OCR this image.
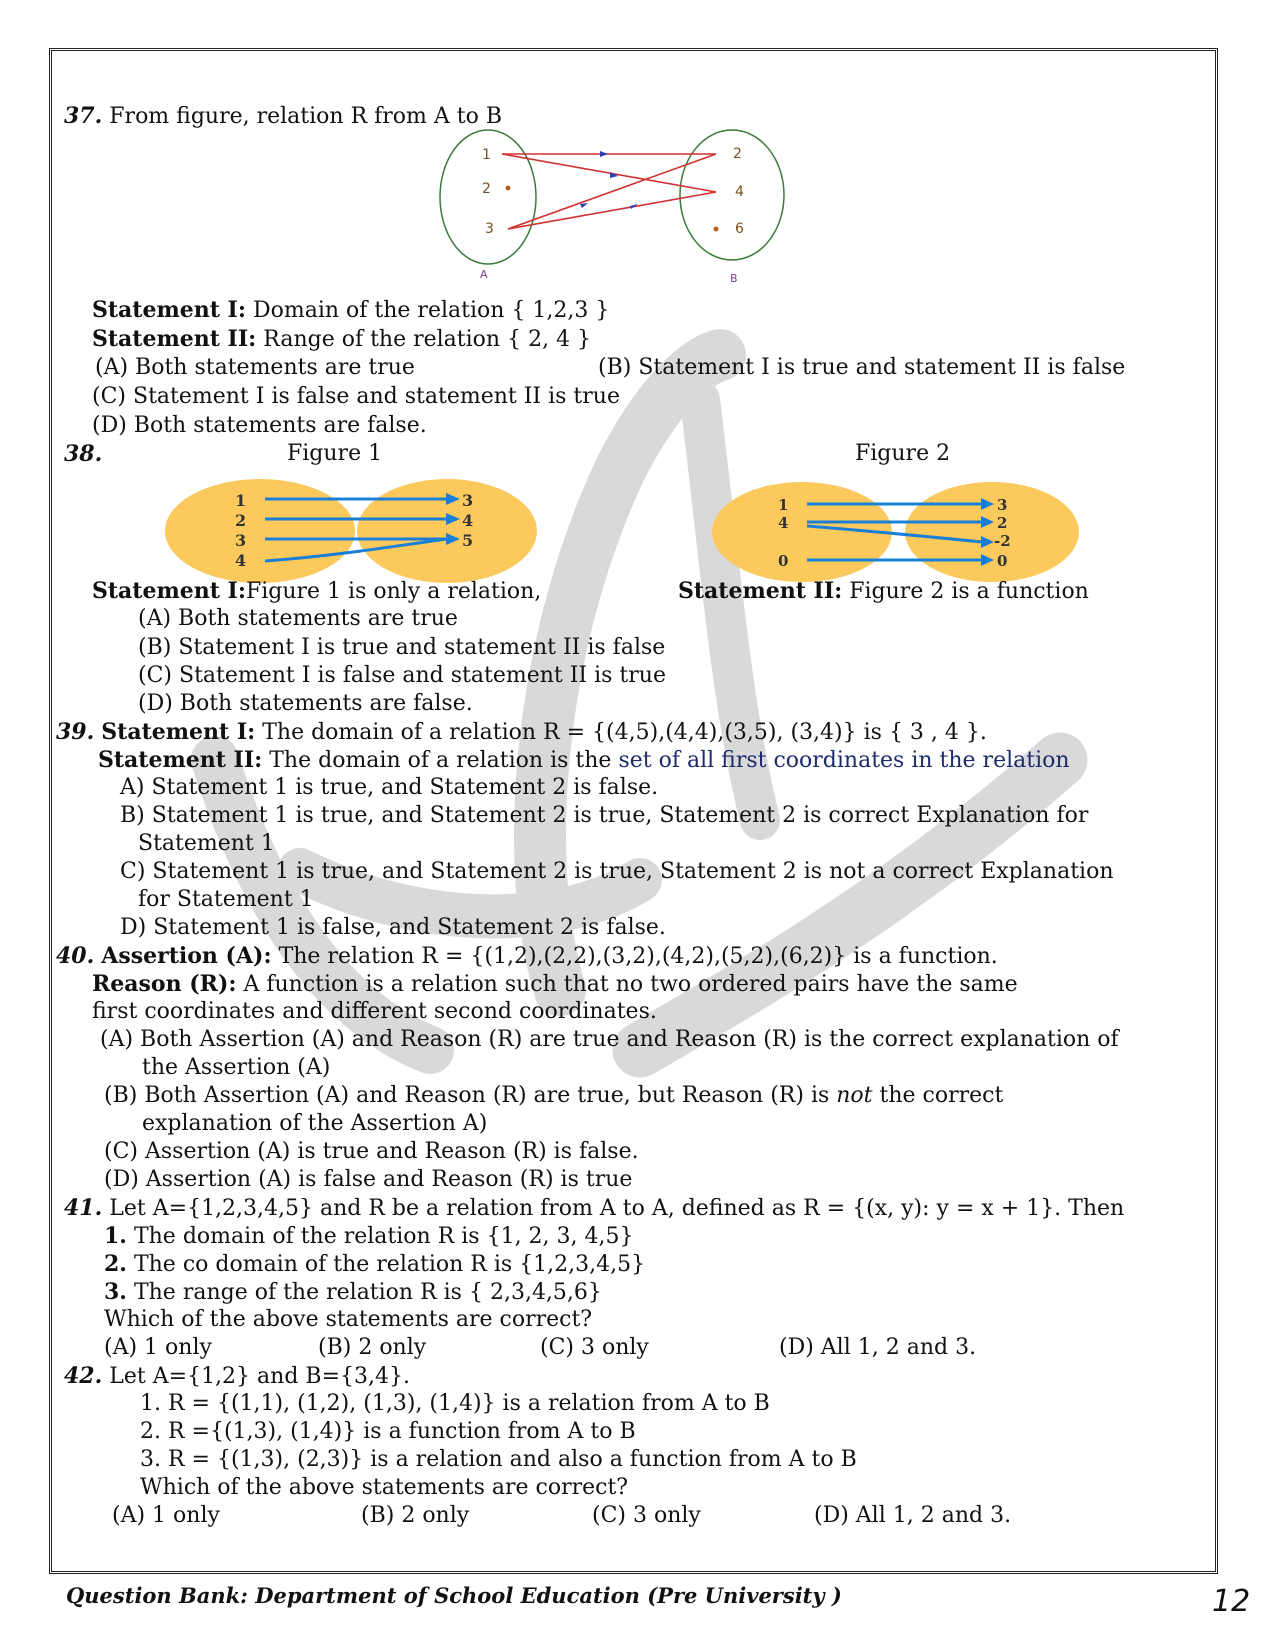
37. From figure, relation R from A to B
1
2
3
2
4
6
A	B
Statement I: Domain of the relation { 1,2,3 }
Statement II: Range of the relation { 2, 4 }
(A) Both statements are true	(B) Statement I is true and statement II is false
(C) Statement I is false and statement II is true
(D) Both statements are false.
38.	Figure 1	Figure 2
1
2
3
4
3
4
5
1
4
0
3
2
-2
0
Statement I:Figure 1 is only a relation,	Statement II: Figure 2 is a function
(A) Both statements are true
(B) Statement I is true and statement II is false
(C) Statement I is false and statement II is true
(D) Both statements are false.
39. Statement I: The domain of a relation R = {(4,5),(4,4),(3,5), (3,4)} is { 3 , 4 }.
Statement II: The domain of a relation is the set of all first coordinates in the relation
A) Statement 1 is true, and Statement 2 is false.
B) Statement 1 is true, and Statement 2 is true, Statement 2 is correct Explanation for
Statement 1
C) Statement 1 is true, and Statement 2 is true, Statement 2 is not a correct Explanation
for Statement 1
D) Statement 1 is false, and Statement 2 is false.
40. Assertion (A): The relation R = {(1,2),(2,2),(3,2),(4,2),(5,2),(6,2)} is a function.
Reason (R): A function is a relation such that no two ordered pairs have the same
first coordinates and different second coordinates.
(A) Both Assertion (A) and Reason (R) are true and Reason (R) is the correct explanation of
the Assertion (A)
(B) Both Assertion (A) and Reason (R) are true, but Reason (R) is not the correct
explanation of the Assertion A)
(C) Assertion (A) is true and Reason (R) is false.
(D) Assertion (A) is false and Reason (R) is true
41. Let A={1,2,3,4,5} and R be a relation from A to A, defined as R = {(x, y): y = x + 1}. Then
1. The domain of the relation R is {1, 2, 3, 4,5}
2. The co domain of the relation R is {1,2,3,4,5}
3. The range of the relation R is { 2,3,4,5,6}
Which of the above statements are correct?
(A) 1 only	(B) 2 only	(C) 3 only	(D) All 1, 2 and 3.
42. Let A={1,2} and B={3,4}.
1. R = {(1,1), (1,2), (1,3), (1,4)} is a relation from A to B
2. R ={(1,3), (1,4)} is a function from A to B
3. R = {(1,3), (2,3)} is a relation and also a function from A to B
Which of the above statements are correct?
(A) 1 only	(B) 2 only	(C) 3 only	(D) All 1, 2 and 3.
Question Bank: Department of School Education (Pre University )	12
